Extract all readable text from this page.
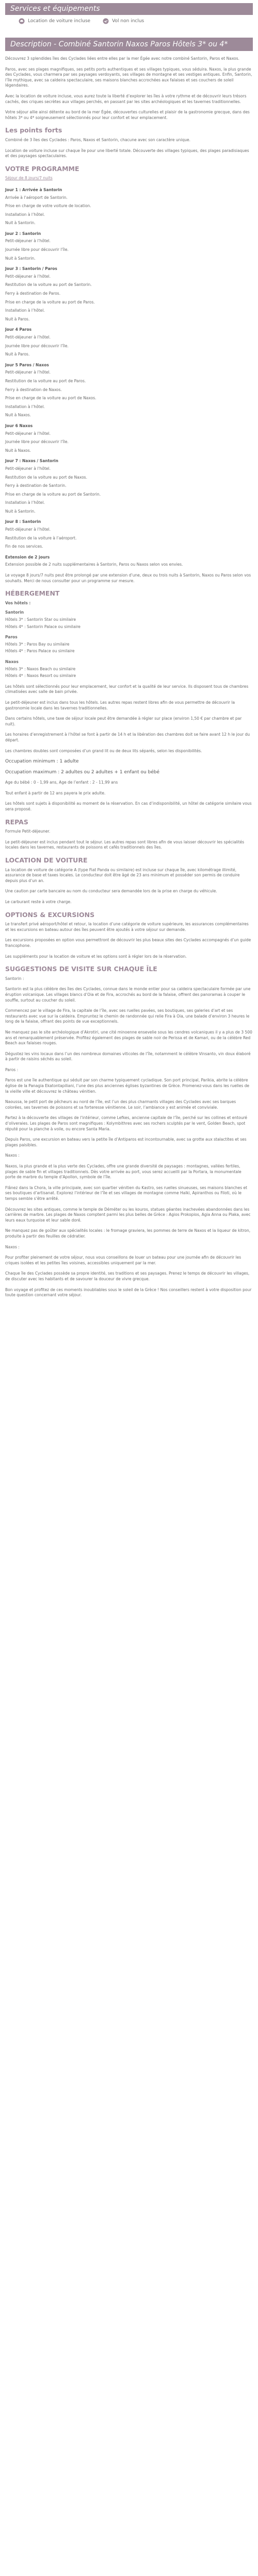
Services et équipements
Location de voiture incluse	Vol non inclus
Description - Combiné Santorin Naxos Paros Hôtels 3* ou 4*

Découvrez 3 splendides îles des Cyclades liées entre elles par la mer Égée avec notre combiné Santorin, Paros et Naxos.

Paros, avec ses plages magnifiques, ses petits ports authentiques et ses villages typiques, vous séduira. Naxos, la plus grande des Cyclades, vous charmera par ses paysages verdoyants, ses villages de montagne et ses vestiges antiques. Enfin, Santorin, l’île mythique, avec sa caldeira spectaculaire, ses maisons blanches accrochées aux falaises et ses couchers de soleil légendaires.

Avec la location de voiture incluse, vous aurez toute la liberté d’explorer les îles à votre rythme et de découvrir leurs trésors cachés, des criques secrètes aux villages perchés, en passant par les sites archéologiques et les tavernes traditionnelles.

Votre séjour allie ainsi détente au bord de la mer Égée, découvertes culturelles et plaisir de la gastronomie grecque, dans des hôtels 3* ou 4* soigneusement sélectionnés pour leur confort et leur emplacement.

Les points forts

Combiné de 3 îles des Cyclades : Paros, Naxos et Santorin, chacune avec son caractère unique.

Location de voiture incluse sur chaque île pour une liberté totale. Découverte des villages typiques, des plages paradisiaques et des paysages spectaculaires.

VOTRE PROGRAMME
Séjour de 8 jours/7 nuits
Jour 1 : Arrivée à Santorin
Arrivée à l’aéroport de Santorin.
Prise en charge de votre voiture de location.
Installation à l’hôtel.
Nuit à Santorin.
Jour 2 : Santorin
Petit-déjeuner à l’hôtel.
Journée libre pour découvrir l’île.
Nuit à Santorin.
Jour 3 : Santorin / Paros
Petit-déjeuner à l’hôtel.
Restitution de la voiture au port de Santorin.
Ferry à destination de Paros.
Prise en charge de la voiture au port de Paros.
Installation à l’hôtel.
Nuit à Paros.
Jour 4 Paros
Petit-déjeuner à l’hôtel.
Journée libre pour découvrir l’île.
Nuit à Paros.
Jour 5 Paros / Naxos
Petit-déjeuner à l’hôtel.
Restitution de la voiture au port de Paros.
Ferry à destination de Naxos.
Prise en charge de la voiture au port de Naxos.
Installation à l’hôtel.
Nuit à Naxos.
Jour 6 Naxos
Petit-déjeuner à l’hôtel.
Journée libre pour découvrir l’île.
Nuit à Naxos.
Jour 7 : Naxos / Santorin
Petit-déjeuner à l’hôtel.
Restitution de la voiture au port de Naxos.
Ferry à destination de Santorin.
Prise en charge de la voiture au port de Santorin.
Installation à l’hôtel.
Nuit à Santorin.
Jour 8 : Santorin
Petit-déjeuner à l’hôtel.
Restitution de la voiture à l’aéroport.
Fin de nos services.
Extension de 2 jours
Extension possible de 2 nuits supplémentaires à Santorin, Paros ou Naxos selon vos envies.

Le voyage 8 jours/7 nuits peut être prolongé par une extension d’une, deux ou trois nuits à Santorin, Naxos ou Paros selon vos souhaits. Merci de nous consulter pour un programme sur mesure.

HÉBERGEMENT
Vos hôtels :
Santorin
Hôtels 3* : Santorin Star ou similaire
Hôtels 4* : Santorin Palace ou similaire
Paros
Hôtels 3* : Paros Bay ou similaire
Hôtels 4* : Paros Palace ou similaire
Naxos
Hôtels 3* : Naxos Beach ou similaire
Hôtels 4* : Naxos Resort ou similaire

Les hôtels sont sélectionnés pour leur emplacement, leur confort et la qualité de leur service. Ils disposent tous de chambres climatisées avec salle de bain privée.

Le petit-déjeuner est inclus dans tous les hôtels. Les autres repas restent libres afin de vous permettre de découvrir la gastronomie locale dans les tavernes traditionnelles.

Dans certains hôtels, une taxe de séjour locale peut être demandée à régler sur place (environ 1,50 € par chambre et par nuit).

Les horaires d’enregistrement à l’hôtel se font à partir de 14 h et la libération des chambres doit se faire avant 12 h le jour du départ.

Les chambres doubles sont composées d’un grand lit ou de deux lits séparés, selon les disponibilités.

Occupation minimum : 1 adulte

Occupation maximum : 2 adultes ou 2 adultes + 1 enfant ou bébé

Age du bébé : 0 - 1,99 ans, Age de l’enfant : 2 - 11,99 ans

Tout enfant à partir de 12 ans payera le prix adulte.

Les hôtels sont sujets à disponibilité au moment de la réservation. En cas d’indisponibilité, un hôtel de catégorie similaire vous sera proposé.

REPAS

Formule Petit-déjeuner.

Le petit-déjeuner est inclus pendant tout le séjour. Les autres repas sont libres afin de vous laisser découvrir les spécialités locales dans les tavernes, restaurants de poissons et cafés traditionnels des îles.

LOCATION DE VOITURE

La location de voiture de catégorie A (type Fiat Panda ou similaire) est incluse sur chaque île, avec kilométrage illimité, assurance de base et taxes locales. Le conducteur doit être âgé de 23 ans minimum et posséder son permis de conduire depuis plus d’un an.

Une caution par carte bancaire au nom du conducteur sera demandée lors de la prise en charge du véhicule.

Le carburant reste à votre charge.

OPTIONS & EXCURSIONS

Le transfert privé aéroport/hôtel et retour, la location d’une catégorie de voiture supérieure, les assurances complémentaires et les excursions en bateau autour des îles peuvent être ajoutés à votre séjour sur demande.

Les excursions proposées en option vous permettront de découvrir les plus beaux sites des Cyclades accompagnés d’un guide francophone.

Les suppléments pour la location de voiture et les options sont à régler lors de la réservation.

SUGGESTIONS DE VISITE SUR CHAQUE ÎLE

Santorin :

Santorin est la plus célèbre des îles des Cyclades, connue dans le monde entier pour sa caldeira spectaculaire formée par une éruption volcanique. Les villages blancs d’Oia et de Fira, accrochés au bord de la falaise, offrent des panoramas à couper le souffle, surtout au coucher du soleil.

Commencez par le village de Fira, la capitale de l’île, avec ses ruelles pavées, ses boutiques, ses galeries d’art et ses restaurants avec vue sur la caldeira. Empruntez le chemin de randonnée qui relie Fira à Oia, une balade d’environ 3 heures le long de la falaise, offrant des points de vue exceptionnels.

Ne manquez pas le site archéologique d’Akrotiri, une cité minoenne ensevelie sous les cendres volcaniques il y a plus de 3 500 ans et remarquablement préservée. Profitez également des plages de sable noir de Perissa et de Kamari, ou de la célèbre Red Beach aux falaises rouges.

Dégustez les vins locaux dans l’un des nombreux domaines viticoles de l’île, notamment le célèbre Vinsanto, vin doux élaboré à partir de raisins séchés au soleil.

Paros :

Paros est une île authentique qui séduit par son charme typiquement cycladique. Son port principal, Parikia, abrite la célèbre église de la Panagia Ekatontapiliani, l’une des plus anciennes églises byzantines de Grèce. Promenez-vous dans les ruelles de la vieille ville et découvrez le château vénitien.

Naoussa, le petit port de pêcheurs au nord de l’île, est l’un des plus charmants villages des Cyclades avec ses barques colorées, ses tavernes de poissons et sa forteresse vénitienne. Le soir, l’ambiance y est animée et conviviale.

Partez à la découverte des villages de l’intérieur, comme Lefkes, ancienne capitale de l’île, perché sur les collines et entouré d’oliveraies. Les plages de Paros sont magnifiques : Kolymbithres avec ses rochers sculptés par le vent, Golden Beach, spot réputé pour la planche à voile, ou encore Santa Maria.

Depuis Paros, une excursion en bateau vers la petite île d’Antiparos est incontournable, avec sa grotte aux stalactites et ses plages paisibles.

Naxos :

Naxos, la plus grande et la plus verte des Cyclades, offre une grande diversité de paysages : montagnes, vallées fertiles, plages de sable fin et villages traditionnels. Dès votre arrivée au port, vous serez accueilli par la Portara, la monumentale porte de marbre du temple d’Apollon, symbole de l’île.

Flânez dans la Chora, la ville principale, avec son quartier vénitien du Kastro, ses ruelles sinueuses, ses maisons blanches et ses boutiques d’artisanat. Explorez l’intérieur de l’île et ses villages de montagne comme Halki, Apiranthos ou Filoti, où le temps semble s’être arrêté.

Découvrez les sites antiques, comme le temple de Déméter ou les kouros, statues géantes inachevées abandonnées dans les carrières de marbre. Les plages de Naxos comptent parmi les plus belles de Grèce : Agios Prokopios, Agia Anna ou Plaka, avec leurs eaux turquoise et leur sable doré.

Ne manquez pas de goûter aux spécialités locales : le fromage graviera, les pommes de terre de Naxos et la liqueur de kitron, produite à partir des feuilles de cédratier.

Naxos :

Pour profiter pleinement de votre séjour, nous vous conseillons de louer un bateau pour une journée afin de découvrir les criques isolées et les petites îles voisines, accessibles uniquement par la mer.

Chaque île des Cyclades possède sa propre identité, ses traditions et ses paysages. Prenez le temps de découvrir les villages, de discuter avec les habitants et de savourer la douceur de vivre grecque.

Bon voyage et profitez de ces moments inoubliables sous le soleil de la Grèce ! Nos conseillers restent à votre disposition pour toute question concernant votre séjour.
